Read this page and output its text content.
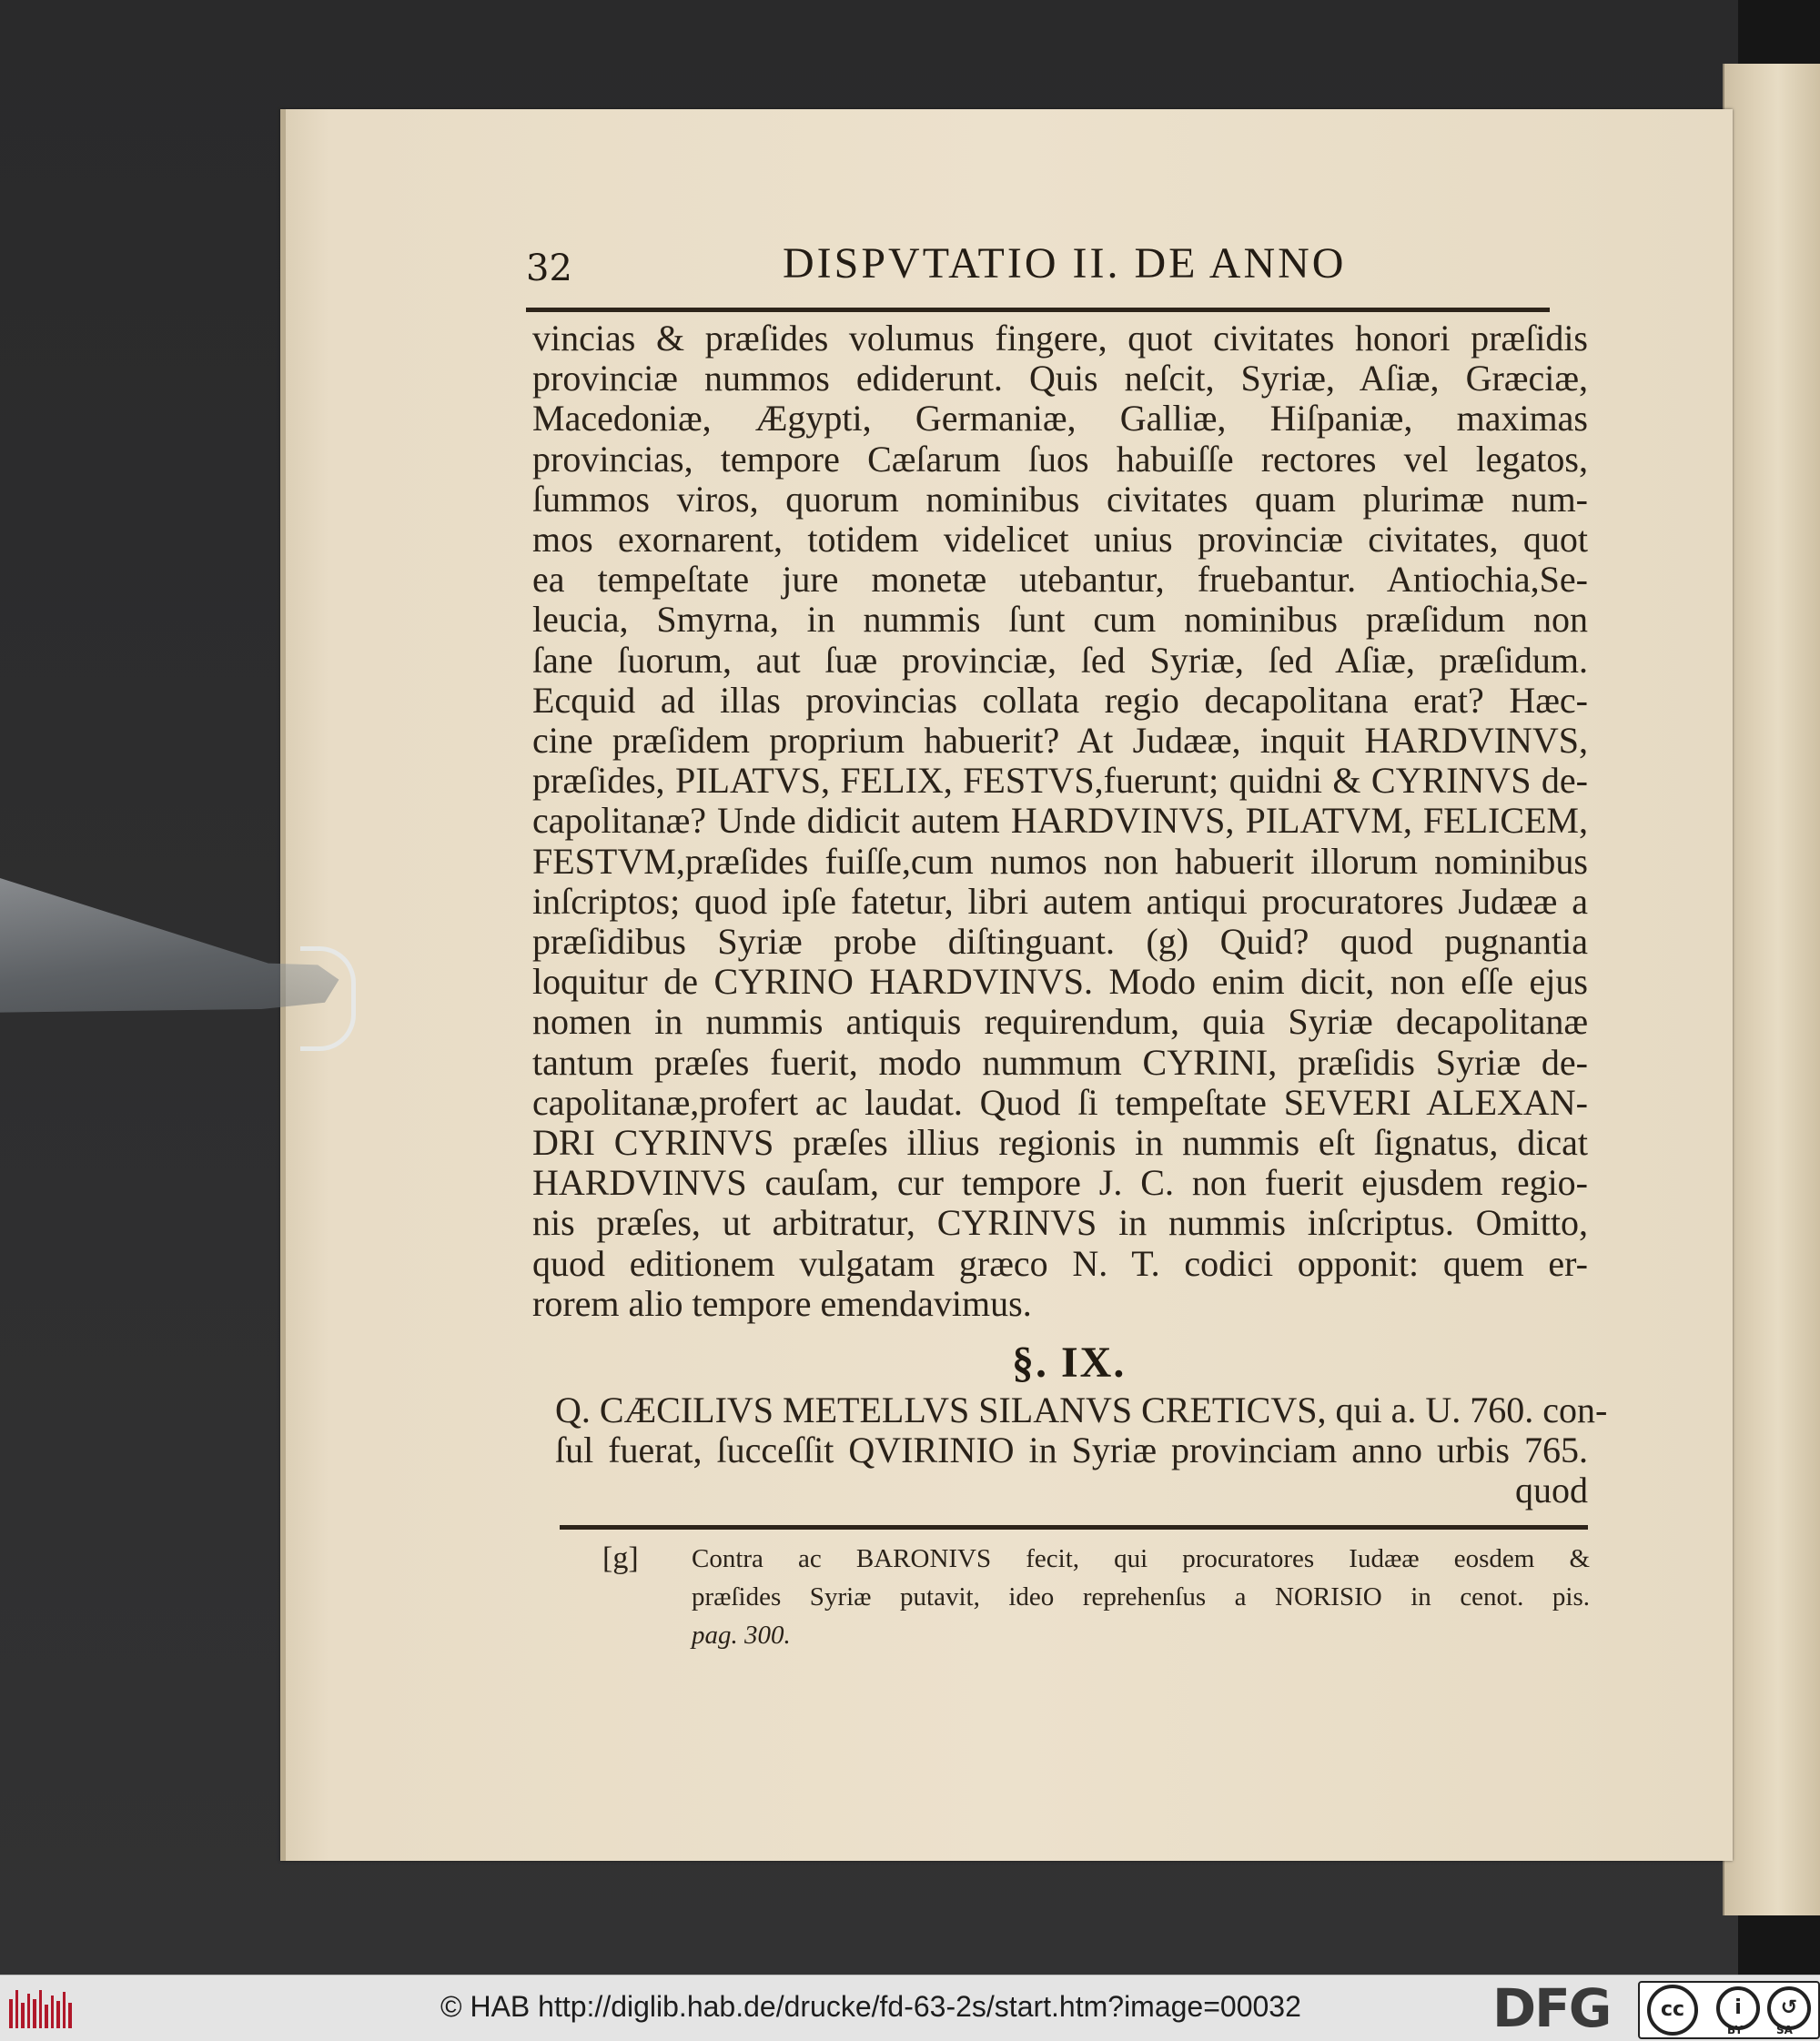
32	DISPVTATIO II. DE ANNO

vincias & præſides volumus fingere, quot civitates honori præſidis

provinciæ nummos ediderunt. Quis neſcit, Syriæ, Aſiæ, Græciæ,

Macedoniæ, Ægypti, Germaniæ, Galliæ, Hiſpaniæ, maximas

provincias, tempore Cæſarum ſuos habuiſſe rectores vel legatos,

ſummos viros, quorum nominibus civitates quam plurimæ num-

mos exornarent, totidem videlicet unius provinciæ civitates, quot

ea tempeſtate jure monetæ utebantur, fruebantur. Antiochia,Se-

leucia, Smyrna, in nummis ſunt cum nominibus præſidum non

ſane ſuorum, aut ſuæ provinciæ, ſed Syriæ, ſed Aſiæ, præſidum.

Ecquid ad illas provincias collata regio decapolitana erat? Hæc-

cine præſidem proprium habuerit? At Judææ, inquit HARDVINVS,

præſides, PILATVS, FELIX, FESTVS,fuerunt; quidni & CYRINVS de-

capolitanæ? Unde didicit autem HARDVINVS, PILATVM, FELICEM,

FESTVM,præſides fuiſſe,cum numos non habuerit illorum nominibus

inſcriptos; quod ipſe fatetur, libri autem antiqui procuratores Judææ a

præſidibus Syriæ probe diſtinguant. (g) Quid? quod pugnantia

loquitur de CYRINO HARDVINVS. Modo enim dicit, non eſſe ejus

nomen in nummis antiquis requirendum, quia Syriæ decapolitanæ

tantum præſes fuerit, modo nummum CYRINI, præſidis Syriæ de-

capolitanæ,profert ac laudat. Quod ſi tempeſtate SEVERI ALEXAN-

DRI CYRINVS præſes illius regionis in nummis eſt ſignatus, dicat

HARDVINVS cauſam, cur tempore J. C. non fuerit ejusdem regio-

nis præſes, ut arbitratur, CYRINVS in nummis inſcriptus. Omitto,

quod editionem vulgatam græco N. T. codici opponit: quem er-

rorem alio tempore emendavimus.

§. IX.

Q. CÆCILIVS METELLVS SILANVS CRETICVS, qui a. U. 760. con-

ſul fuerat, ſucceſſit QVIRINIO in Syriæ provinciam anno urbis 765.

quod

[g] Contra ac BARONIVS fecit, qui procuratores Iudææ eosdem &

præſides Syriæ putavit, ideo reprehenſus a NORISIO in cenot. pis.

pag. 300.

© HAB http://diglib.hab.de/drucke/fd-63-2s/start.htm?image=00032	DFG	cc	i	↺
BY	SA
